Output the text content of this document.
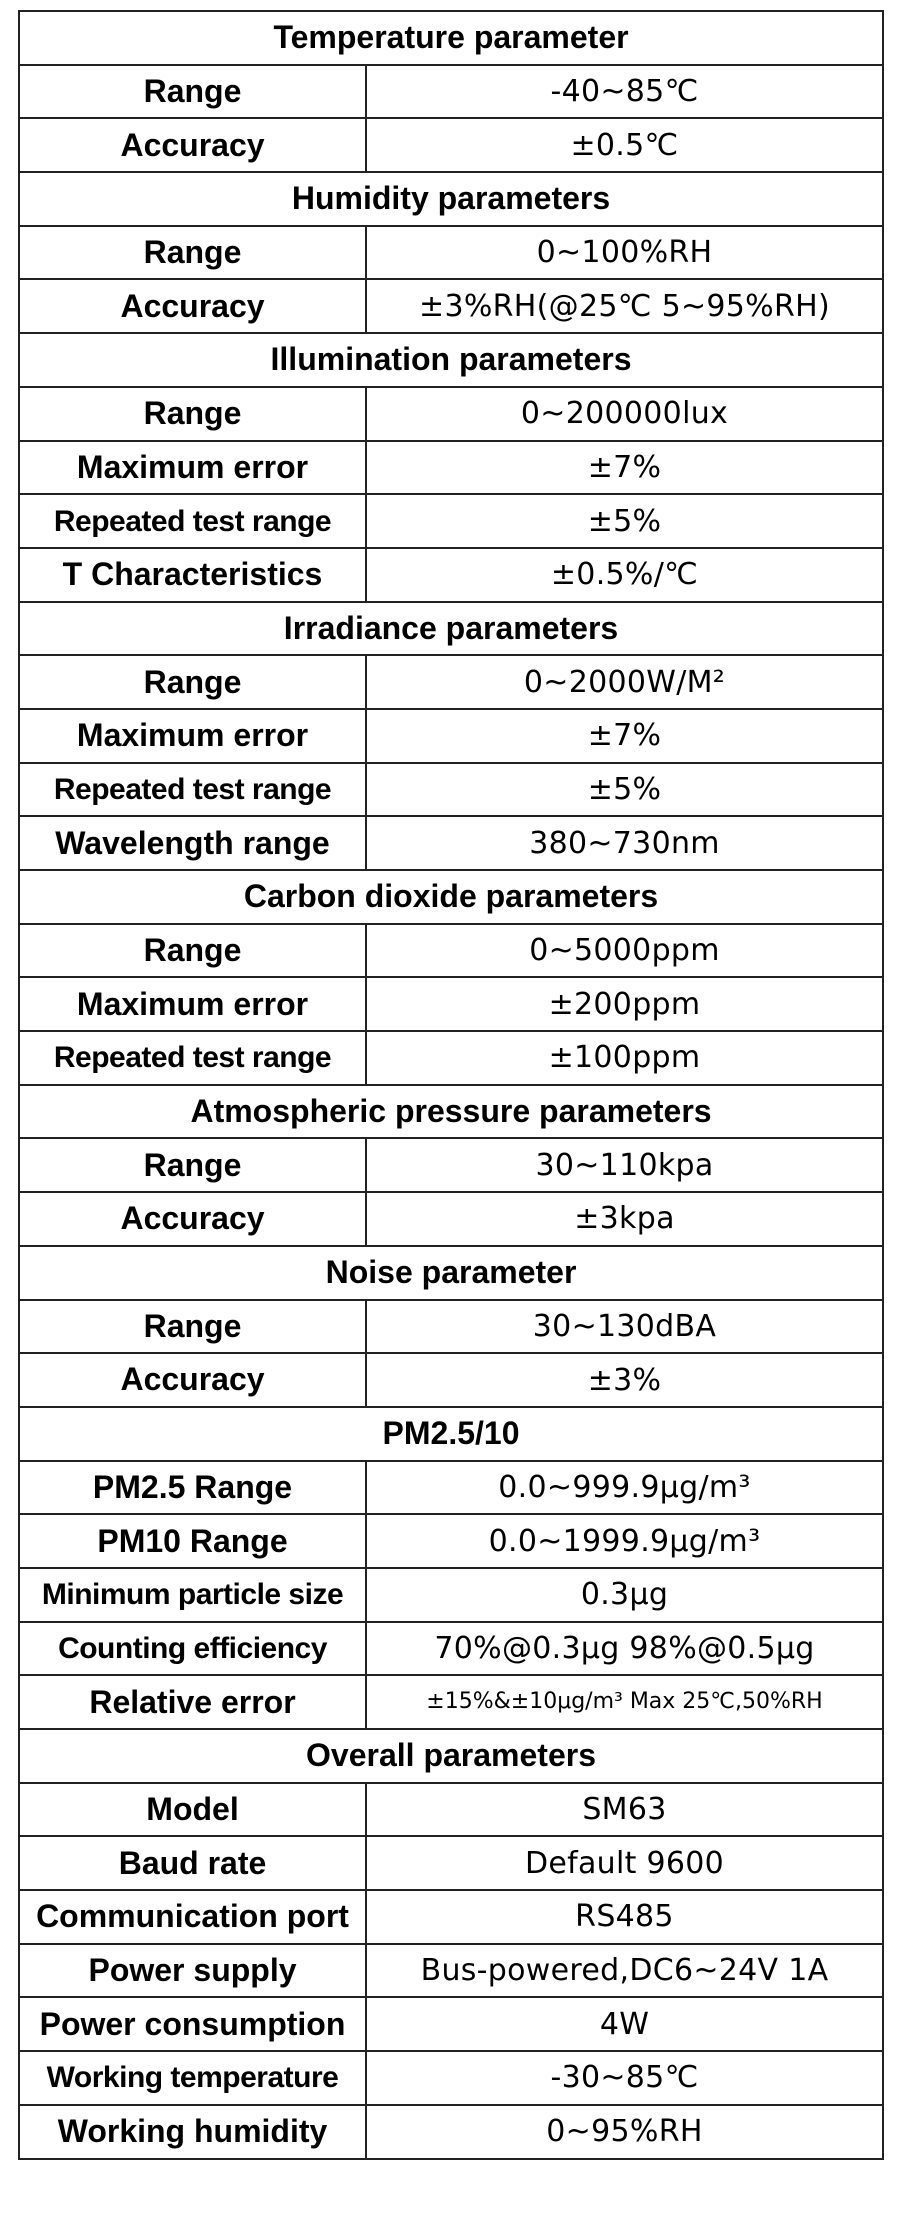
Temperature parameter	
Range	-40~85℃
Accuracy	±0.5℃
Humidity parameters	
Range	0~100%RH
Accuracy	±3%RH(@25℃ 5~95%RH)
Illumination parameters	
Range	0~200000lux
Maximum error	±7%
Repeated test range	±5%
T Characteristics	±0.5%/℃
Irradiance parameters	
Range	0~2000W/M²
Maximum error	±7%
Repeated test range	±5%
Wavelength range	380~730nm
Carbon dioxide parameters	
Range	0~5000ppm
Maximum error	±200ppm
Repeated test range	±100ppm
Atmospheric pressure parameters	
Range	30~110kpa
Accuracy	±3kpa
Noise parameter	
Range	30~130dBA
Accuracy	±3%
PM2.5/10	
PM2.5 Range	0.0~999.9μg/m³
PM10 Range	0.0~1999.9μg/m³
Minimum particle size	0.3μg
Counting efficiency	70%@0.3μg 98%@0.5μg
Relative error	±15%&±10μg/m³ Max 25℃,50%RH
Overall parameters	
Model	SM63
Baud rate	Default 9600
Communication port	RS485
Power supply	Bus-powered,DC6~24V 1A
Power consumption	4W
Working temperature	-30~85℃
Working humidity	0~95%RH
